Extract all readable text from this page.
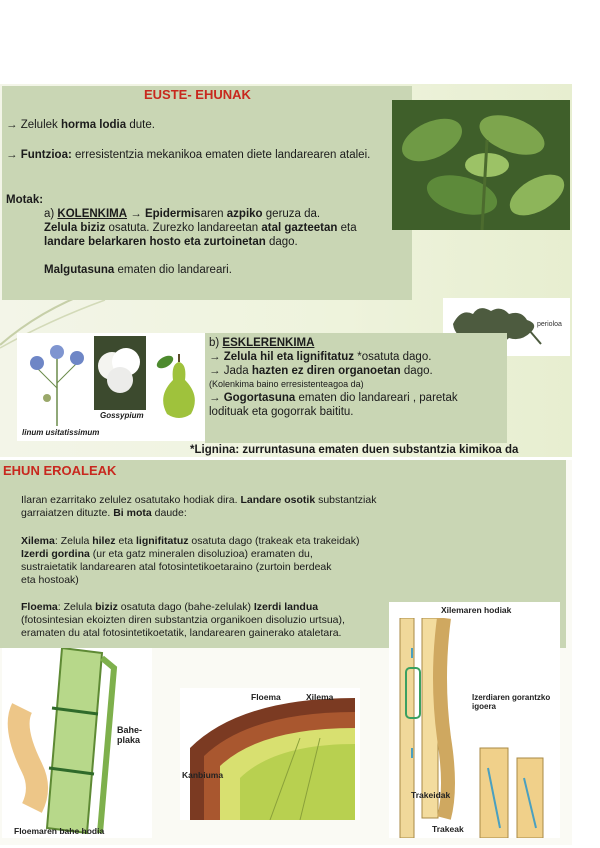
EUSTE- EHUNAK
→ Zelulek horma lodia dute.
→ Funtzioa: erresistentzia mekanikoa ematen diete landarearen atalei.
Motak:
a) KOLENKIMA → Epidermisaren azpiko geruza da.
Zelula biziz osatuta. Zurezko landareetan atal gazteetan eta
landare belarkaren hosto eta zurtoinetan dago.
Malgutasuna ematen dio landareari.
perioloa
linum usitatissimum
Gossypium
b) ESKLERENKIMA
→ Zelula hil eta lignifitatuz *osatuta dago.
→ Jada hazten ez diren organoetan dago.
(Kolenkima baino erresistenteagoa da)
→ Gogortasuna ematen dio landareari , paretak
lodituak eta gogorrak baititu.
*Lignina: zurruntasuna ematen duen substantzia kimikoa da
EHUN EROALEAK
Ilaran ezarritako zelulez osatutako hodiak dira. Landare osotik substantziak
garraiatzen dituzte. Bi mota daude:
Xilema: Zelula hilez eta lignifitatuz osatuta dago (trakeak eta trakeidak)
Izerdi gordina (ur eta gatz mineralen disoluzioa) eramaten du,
sustraietatik landarearen atal fotosintetikoetaraino (zurtoin berdeak
eta hostoak)
Floema: Zelula biziz osatuta dago (bahe-zelulak) Izerdi landua
(fotosintesian ekoizten diren substantzia organikoen disoluzio urtsua),
eramaten du atal fotosintetikoetatik, landarearen gainerako ataletara.
Bahe-
plaka
Floemaren bahe hodia
Floema	Xilema
Kanbiuma
Xilemaren hodiak
Izerdiaren gorantzko
igoera
Trakeidak
Trakeak
